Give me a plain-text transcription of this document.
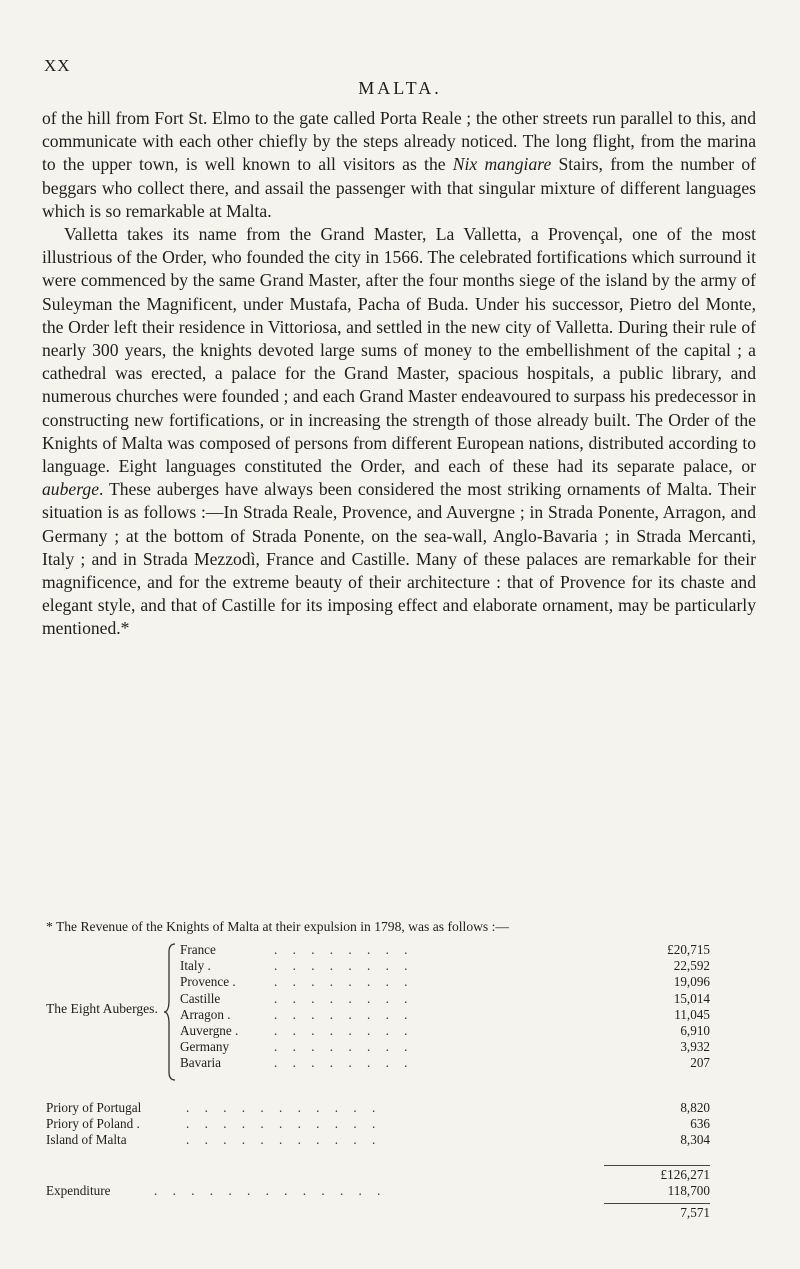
XX
MALTA.

of the hill from Fort St. Elmo to the gate called Porta Reale ; the other streets run parallel to this, and communicate with each other chiefly by the steps already noticed. The long flight, from the marina to the upper town, is well known to all visitors as the Nix mangiare Stairs, from the number of beggars who collect there, and assail the passenger with that singular mixture of different languages which is so remarkable at Malta.

Valletta takes its name from the Grand Master, La Valletta, a Provençal, one of the most illustrious of the Order, who founded the city in 1566. The celebrated fortifications which surround it were commenced by the same Grand Master, after the four months siege of the island by the army of Suleyman the Magnificent, under Mustafa, Pacha of Buda. Under his successor, Pietro del Monte, the Order left their residence in Vittoriosa, and settled in the new city of Valletta. During their rule of nearly 300 years, the knights devoted large sums of money to the embellishment of the capital ; a cathedral was erected, a palace for the Grand Master, spacious hospitals, a public library, and numerous churches were founded ; and each Grand Master endeavoured to surpass his predecessor in constructing new fortifications, or in increasing the strength of those already built. The Order of the Knights of Malta was composed of persons from different European nations, distributed according to language. Eight languages constituted the Order, and each of these had its separate palace, or auberge. These auberges have always been considered the most striking ornaments of Malta. Their situation is as follows :—In Strada Reale, Provence, and Auvergne ; in Strada Ponente, Arragon, and Germany ; at the bottom of Strada Ponente, on the sea-wall, Anglo-Bavaria ; in Strada Mercanti, Italy ; and in Strada Mezzodì, France and Castille. Many of these palaces are remarkable for their magnificence, and for the extreme beauty of their architecture : that of Provence for its chaste and elegant style, and that of Castille for its imposing effect and elaborate ornament, may be particularly mentioned.*

* The Revenue of the Knights of Malta at their expulsion in 1798, was as follows :—
The Eight Auberges.
France	. . . . . . . .	£20,715
Italy .	. . . . . . . .	22,592
Provence .	. . . . . . . .	19,096
Castille	. . . . . . . .	15,014
Arragon .	. . . . . . . .	11,045
Auvergne .	. . . . . . . .	6,910
Germany	. . . . . . . .	3,932
Bavaria	. . . . . . . .	207
Priory of Portugal	. . . . . . . . . . .	8,820
Priory of Poland .	. . . . . . . . . . .	636
Island of Malta	. . . . . . . . . . .	8,304
£126,271
Expenditure	. . . . . . . . . . . . .	118,700
7,571
